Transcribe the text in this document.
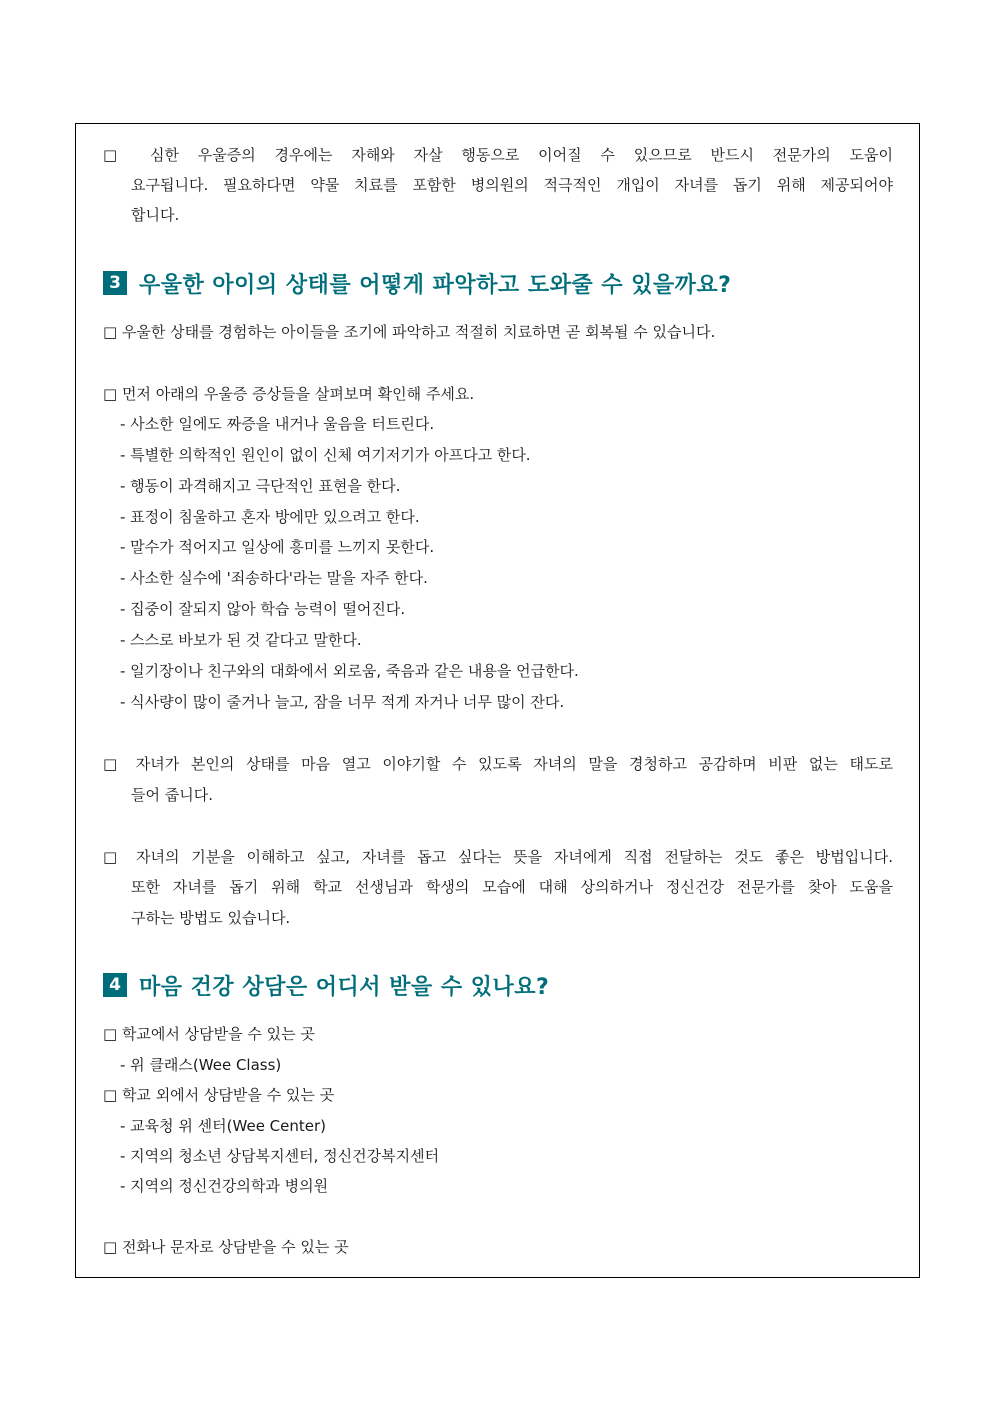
□ 심한 우울증의 경우에는 자해와 자살 행동으로 이어질 수 있으므로 반드시 전문가의 도움이
요구됩니다. 필요하다면 약물 치료를 포함한 병의원의 적극적인 개입이 자녀를 돕기 위해 제공되어야
합니다.
3 우울한 아이의 상태를 어떻게 파악하고 도와줄 수 있을까요?
□ 우울한 상태를 경험하는 아이들을 조기에 파악하고 적절히 치료하면 곧 회복될 수 있습니다.
□ 먼저 아래의 우울증 증상들을 살펴보며 확인해 주세요.
- 사소한 일에도 짜증을 내거나 울음을 터트린다.
- 특별한 의학적인 원인이 없이 신체 여기저기가 아프다고 한다.
- 행동이 과격해지고 극단적인 표현을 한다.
- 표정이 침울하고 혼자 방에만 있으려고 한다.
- 말수가 적어지고 일상에 흥미를 느끼지 못한다.
- 사소한 실수에 '죄송하다'라는 말을 자주 한다.
- 집중이 잘되지 않아 학습 능력이 떨어진다.
- 스스로 바보가 된 것 같다고 말한다.
- 일기장이나 친구와의 대화에서 외로움, 죽음과 같은 내용을 언급한다.
- 식사량이 많이 줄거나 늘고, 잠을 너무 적게 자거나 너무 많이 잔다.
□ 자녀가 본인의 상태를 마음 열고 이야기할 수 있도록 자녀의 말을 경청하고 공감하며 비판 없는 태도로
들어 줍니다.
□ 자녀의 기분을 이해하고 싶고, 자녀를 돕고 싶다는 뜻을 자녀에게 직접 전달하는 것도 좋은 방법입니다.
또한 자녀를 돕기 위해 학교 선생님과 학생의 모습에 대해 상의하거나 정신건강 전문가를 찾아 도움을
구하는 방법도 있습니다.
4 마음 건강 상담은 어디서 받을 수 있나요?
□ 학교에서 상담받을 수 있는 곳
- 위 클래스(Wee Class)
□ 학교 외에서 상담받을 수 있는 곳
- 교육청 위 센터(Wee Center)
- 지역의 청소년 상담복지센터, 정신건강복지센터
- 지역의 정신건강의학과 병의원
□ 전화나 문자로 상담받을 수 있는 곳
